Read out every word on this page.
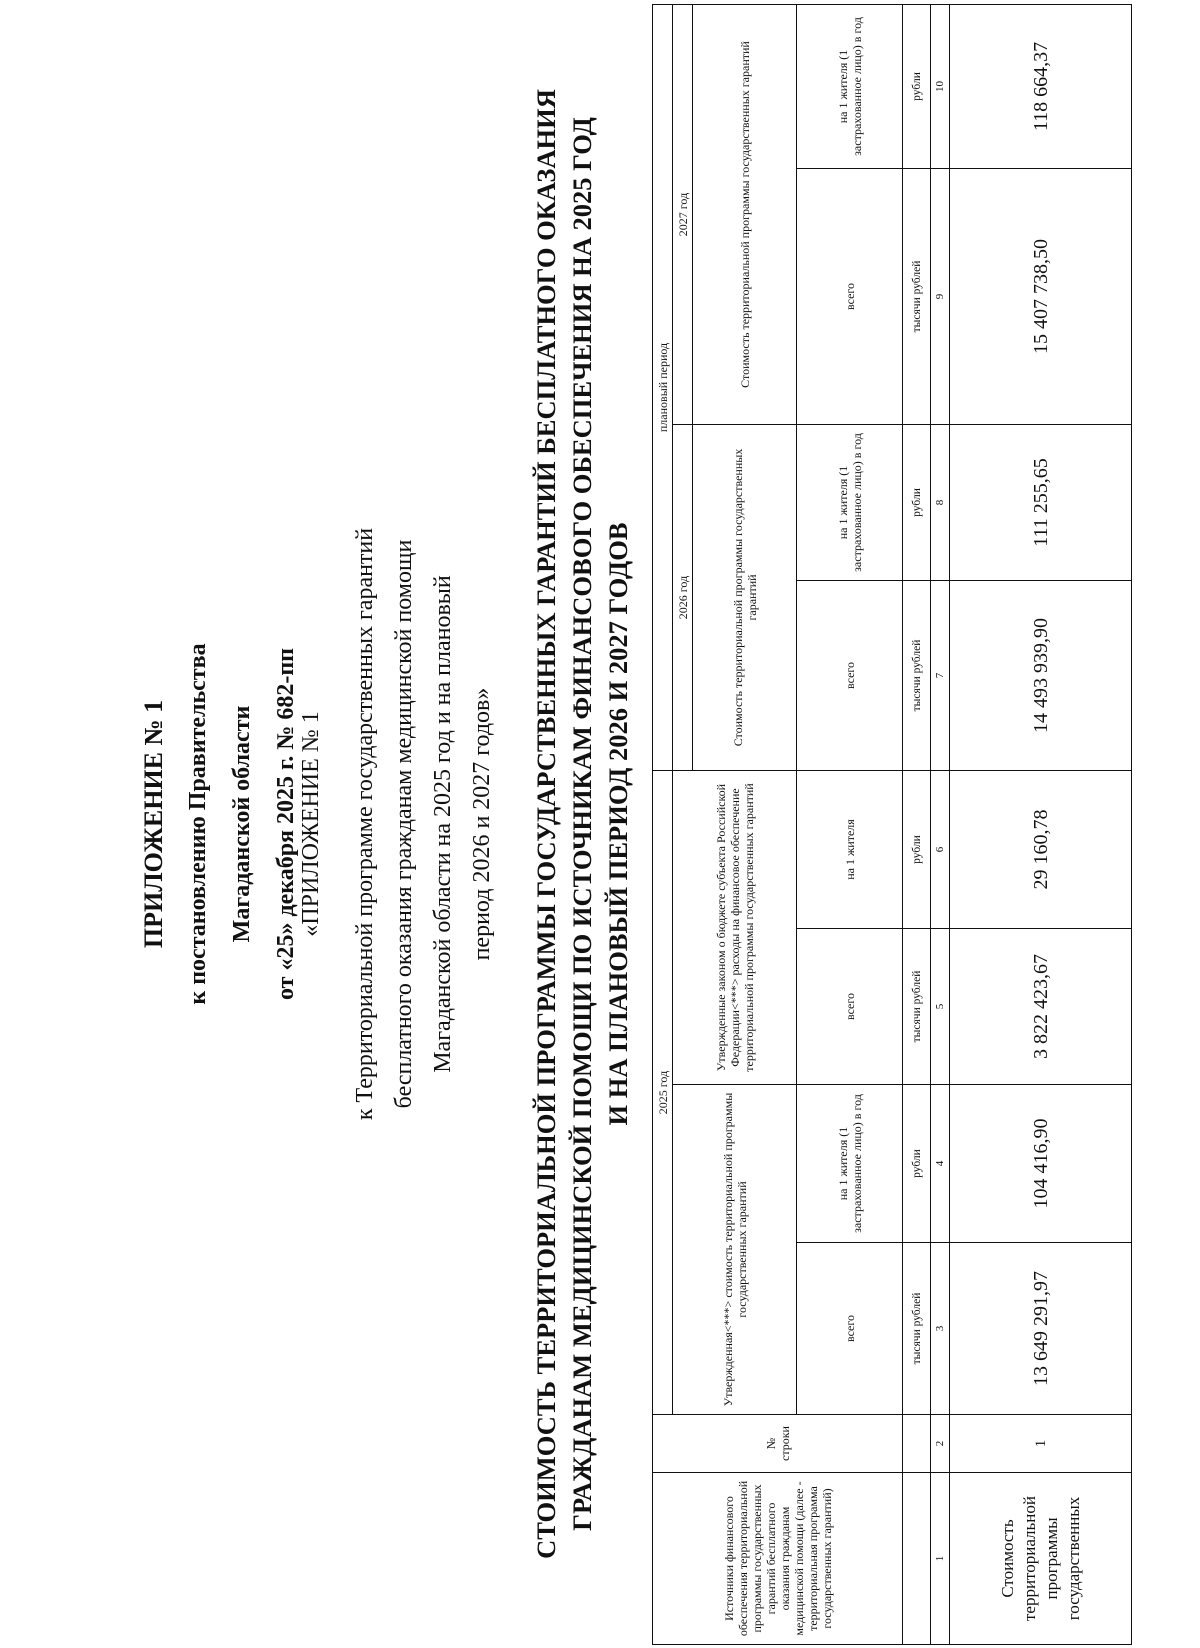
ПРИЛОЖЕНИЕ № 1 к постановлению Правительства Магаданской области от «25» декабря 2025 г. № 682-пп «ПРИЛОЖЕНИЕ № 1 к Территориальной программе государственных гарантий бесплатного оказания гражданам медицинской помощи Магаданской области на 2025 год и на плановый период 2026 и 2027 годов» СТОИМОСТЬ ТЕРРИТОРИАЛЬНОЙ ПРОГРАММЫ ГОСУДАРСТВЕННЫХ ГАРАНТИЙ БЕСПЛАТНОГО ОКАЗАНИЯ ГРАЖДАНАМ МЕДИЦИНСКОЙ ПОМОЩИ ПО ИСТОЧНИКАМ ФИНАНСОВОГО ОБЕСПЕЧЕНИЯ НА 2025 ГОД И НА ПЛАНОВЫЙ ПЕРИОД 2026 И 2027 ГОДОВ
Источники финансового обеспечения территориальной программы государственных гарантий бесплатного оказания гражданам медицинской помощи (далее - территориальная программа государственных гарантий)	№ строки	2025 год				плановый период			
		Утвержденная<***> стоимость территориальной программы государственных гарантий		Утвержденные законом о бюджете субъекта Российской Федерации<***> расходы на финансовое обеспечение территориальной программы государственных гарантий		2026 год		2027 год	
						Стоимость территориальной программы государственных гарантий		Стоимость территориальной программы государственных гарантий	
		всего	на 1 жителя (1 застрахованное лицо) в год	всего	на 1 жителя	всего	на 1 жителя (1 застрахованное лицо) в год	всего	на 1 жителя (1 застрахованное лицо) в год
		тысячи рублей	рубли	тысячи рублей	рубли	тысячи рублей	рубли	тысячи рублей	рубли
1	2	3	4	5	6	7	8	9	10
Стоимость территориальной программы государственных	1	13 649 291,97	104 416,90	3 822 423,67	29 160,78	14 493 939,90	111 255,65	15 407 738,50	118 664,37
